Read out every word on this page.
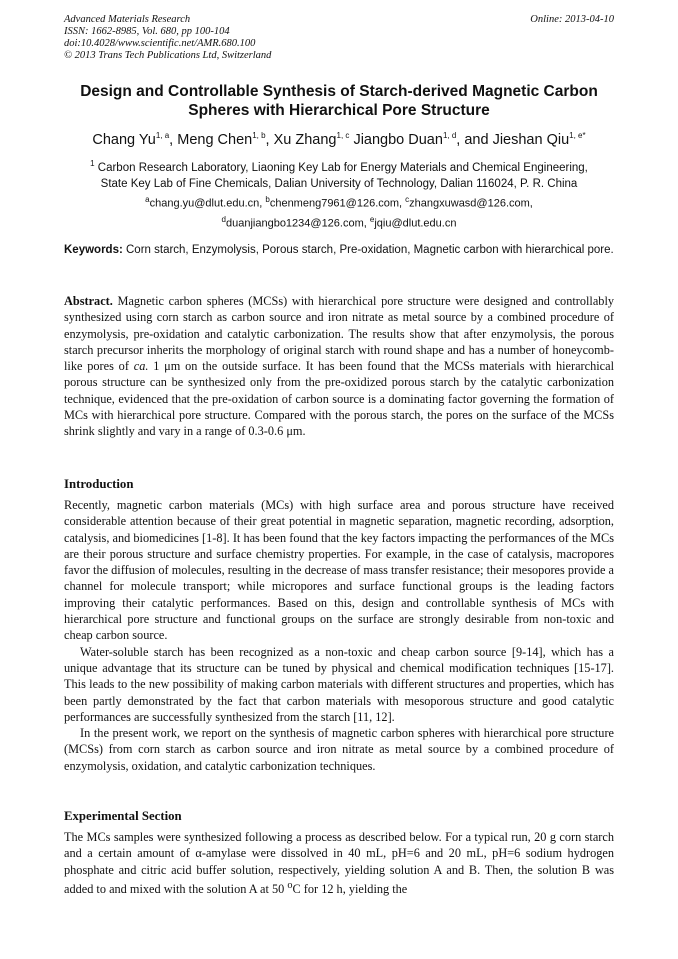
Advanced Materials Research
ISSN: 1662-8985, Vol. 680, pp 100-104
doi:10.4028/www.scientific.net/AMR.680.100
© 2013 Trans Tech Publications Ltd, Switzerland
Online: 2013-04-10
Design and Controllable Synthesis of Starch-derived Magnetic Carbon
Spheres with Hierarchical Pore Structure
Chang Yu$^{1, a}$, Meng Chen$^{1, b}$, Xu Zhang$^{1, c}$ Jiangbo Duan$^{1, d}$, and Jieshan Qiu$^{1, e*}$
$^1$ Carbon Research Laboratory, Liaoning Key Lab for Energy Materials and Chemical Engineering,
State Key Lab of Fine Chemicals, Dalian University of Technology, Dalian 116024, P. R. China
$^a$chang.yu@dlut.edu.cn, $^b$chenmeng7961@126.com, $^c$zhangxuwasd@126.com,
$^d$duanjiangbo1234@126.com, $^e$jqiu@dlut.edu.cn
Keywords: Corn starch, Enzymolysis, Porous starch, Pre-oxidation, Magnetic carbon with hierarchical pore.

Abstract. Magnetic carbon spheres (MCSs) with hierarchical pore structure were designed and controllably synthesized using corn starch as carbon source and iron nitrate as metal source by a combined procedure of enzymolysis, pre-oxidation and catalytic carbonization. The results show that after enzymolysis, the porous starch precursor inherits the morphology of original starch with round shape and has a number of honeycomb-like pores of ca. 1 μm on the outside surface. It has been found that the MCSs materials with hierarchical porous structure can be synthesized only from the pre-oxidized porous starch by the catalytic carbonization technique, evidenced that the pre-oxidation of carbon source is a dominating factor governing the formation of MCs with hierarchical pore structure. Compared with the porous starch, the pores on the surface of the MCSs shrink slightly and vary in a range of 0.3-0.6 μm.

Introduction

Recently, magnetic carbon materials (MCs) with high surface area and porous structure have received considerable attention because of their great potential in magnetic separation, magnetic recording, adsorption, catalysis, and biomedicines [1-8]. It has been found that the key factors impacting the performances of the MCs are their porous structure and surface chemistry properties. For example, in the case of catalysis, macropores favor the diffusion of molecules, resulting in the decrease of mass transfer resistance; their mesopores provide a channel for molecule transport; while micropores and surface functional groups is the leading factors improving their catalytic performances. Based on this, design and controllable synthesis of MCs with hierarchical pore structure and functional groups on the surface are strongly desirable from non-toxic and cheap carbon source.

Water-soluble starch has been recognized as a non-toxic and cheap carbon source [9-14], which has a unique advantage that its structure can be tuned by physical and chemical modification techniques [15-17]. This leads to the new possibility of making carbon materials with different structures and properties, which has been partly demonstrated by the fact that carbon materials with mesoporous structure and good catalytic performances are successfully synthesized from the starch [11, 12].

In the present work, we report on the synthesis of magnetic carbon spheres with hierarchical pore structure (MCSs) from corn starch as carbon source and iron nitrate as metal source by a combined procedure of enzymolysis, oxidation, and catalytic carbonization techniques.

Experimental Section

The MCs samples were synthesized following a process as described below. For a typical run, 20 g corn starch and a certain amount of α-amylase were dissolved in 40 mL, pH=6 and 20 mL, pH=6 sodium hydrogen phosphate and citric acid buffer solution, respectively, yielding solution A and B. Then, the solution B was added to and mixed with the solution A at 50 $^o$C for 12 h, yielding the
